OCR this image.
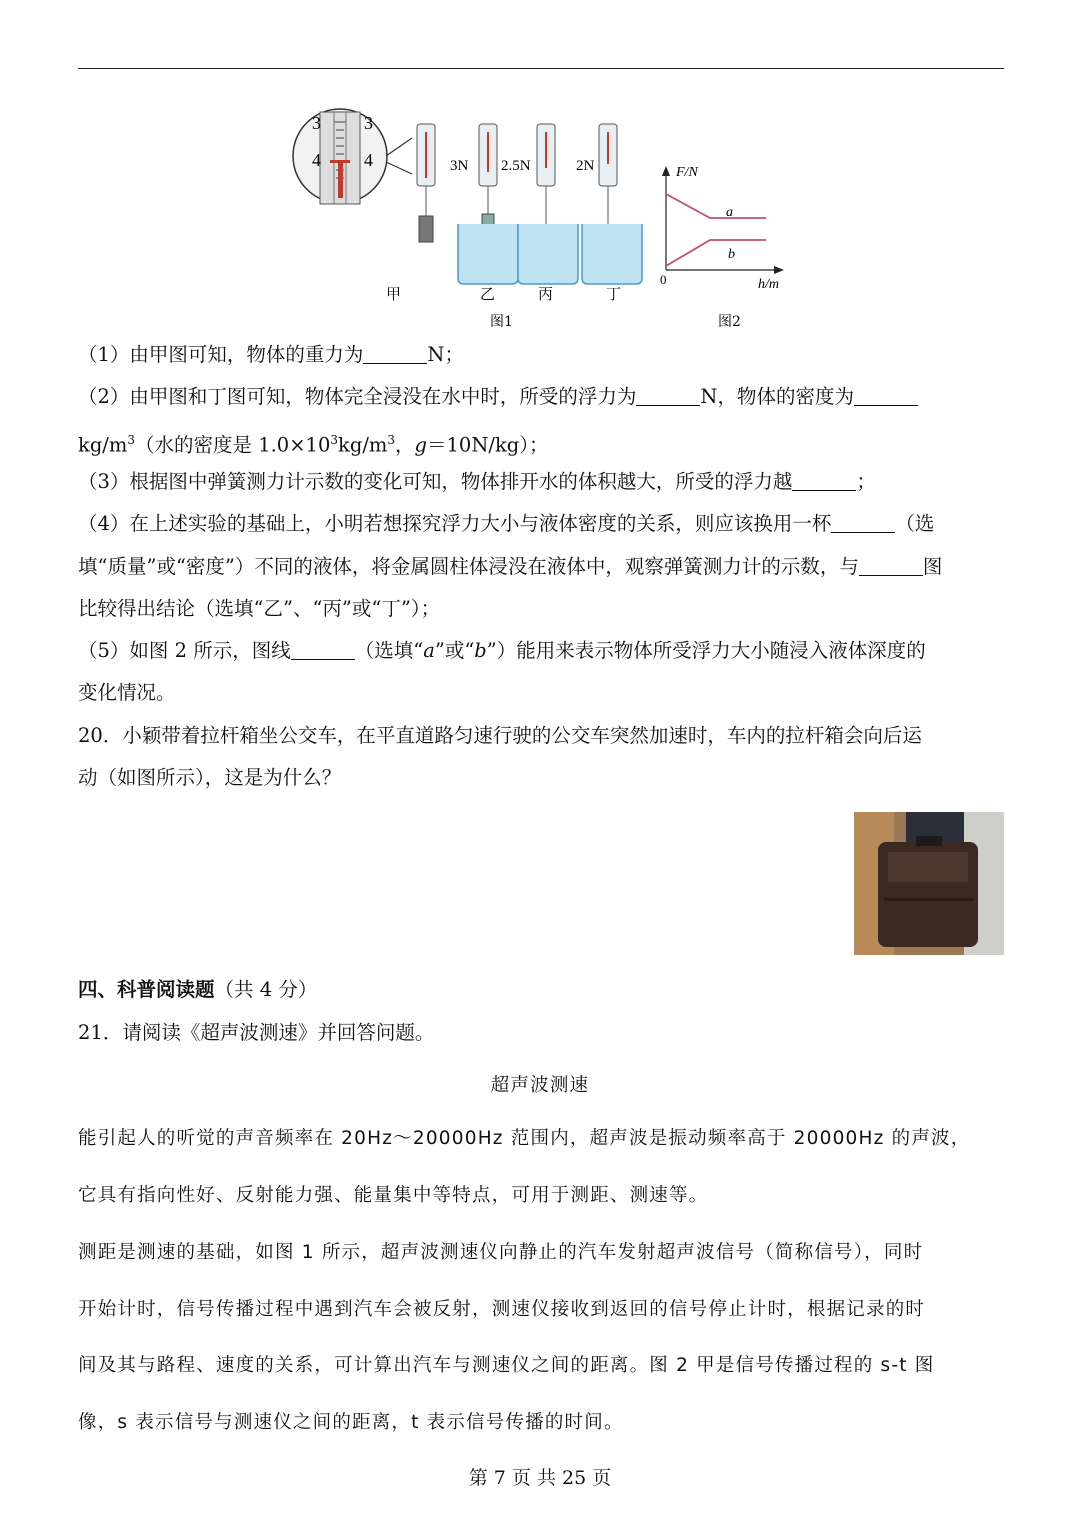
3 3
4 4	3N 2.5N	2N
甲	乙	丙	丁
图1
F/N
h/m
0
a
b
图2
（1）由甲图可知，物体的重力为	N；
（2）由甲图和丁图可知，物体完全浸没在水中时，所受的浮力为	N，物体的密度为
$kg/m^3$（水的密度是 $1.0\times 10^3kg/m^3$，g＝10N/kg）；
（3）根据图中弹簧测力计示数的变化可知，物体排开水的体积越大，所受的浮力越	；
（4）在上述实验的基础上，小明若想探究浮力大小与液体密度的关系，则应该换用一杯	（选
填“质量”或“密度”）不同的液体，将金属圆柱体浸没在液体中，观察弹簧测力计的示数，与	图
比较得出结论（选填“乙”、“丙”或“丁”）；
（5）如图 2 所示，图线	（选填“a”或“b”）能用来表示物体所受浮力大小随浸入液体深度的
变化情况。
20．小颖带着拉杆箱坐公交车，在平直道路匀速行驶的公交车突然加速时，车内的拉杆箱会向后运
动（如图所示），这是为什么？
四、科普阅读题（共 4 分）
21．请阅读《超声波测速》并回答问题。
超声波测速
能引起人的听觉的声音频率在 20Hz～20000Hz 范围内，超声波是振动频率高于 20000Hz 的声波，
它具有指向性好、反射能力强、能量集中等特点，可用于测距、测速等。
测距是测速的基础，如图 1 所示，超声波测速仪向静止的汽车发射超声波信号（简称信号），同时
开始计时，信号传播过程中遇到汽车会被反射，测速仪接收到返回的信号停止计时，根据记录的时
间及其与路程、速度的关系，可计算出汽车与测速仪之间的距离。图 2 甲是信号传播过程的 s-t 图
像，s 表示信号与测速仪之间的距离，t 表示信号传播的时间。
第 7 页 共 25 页
